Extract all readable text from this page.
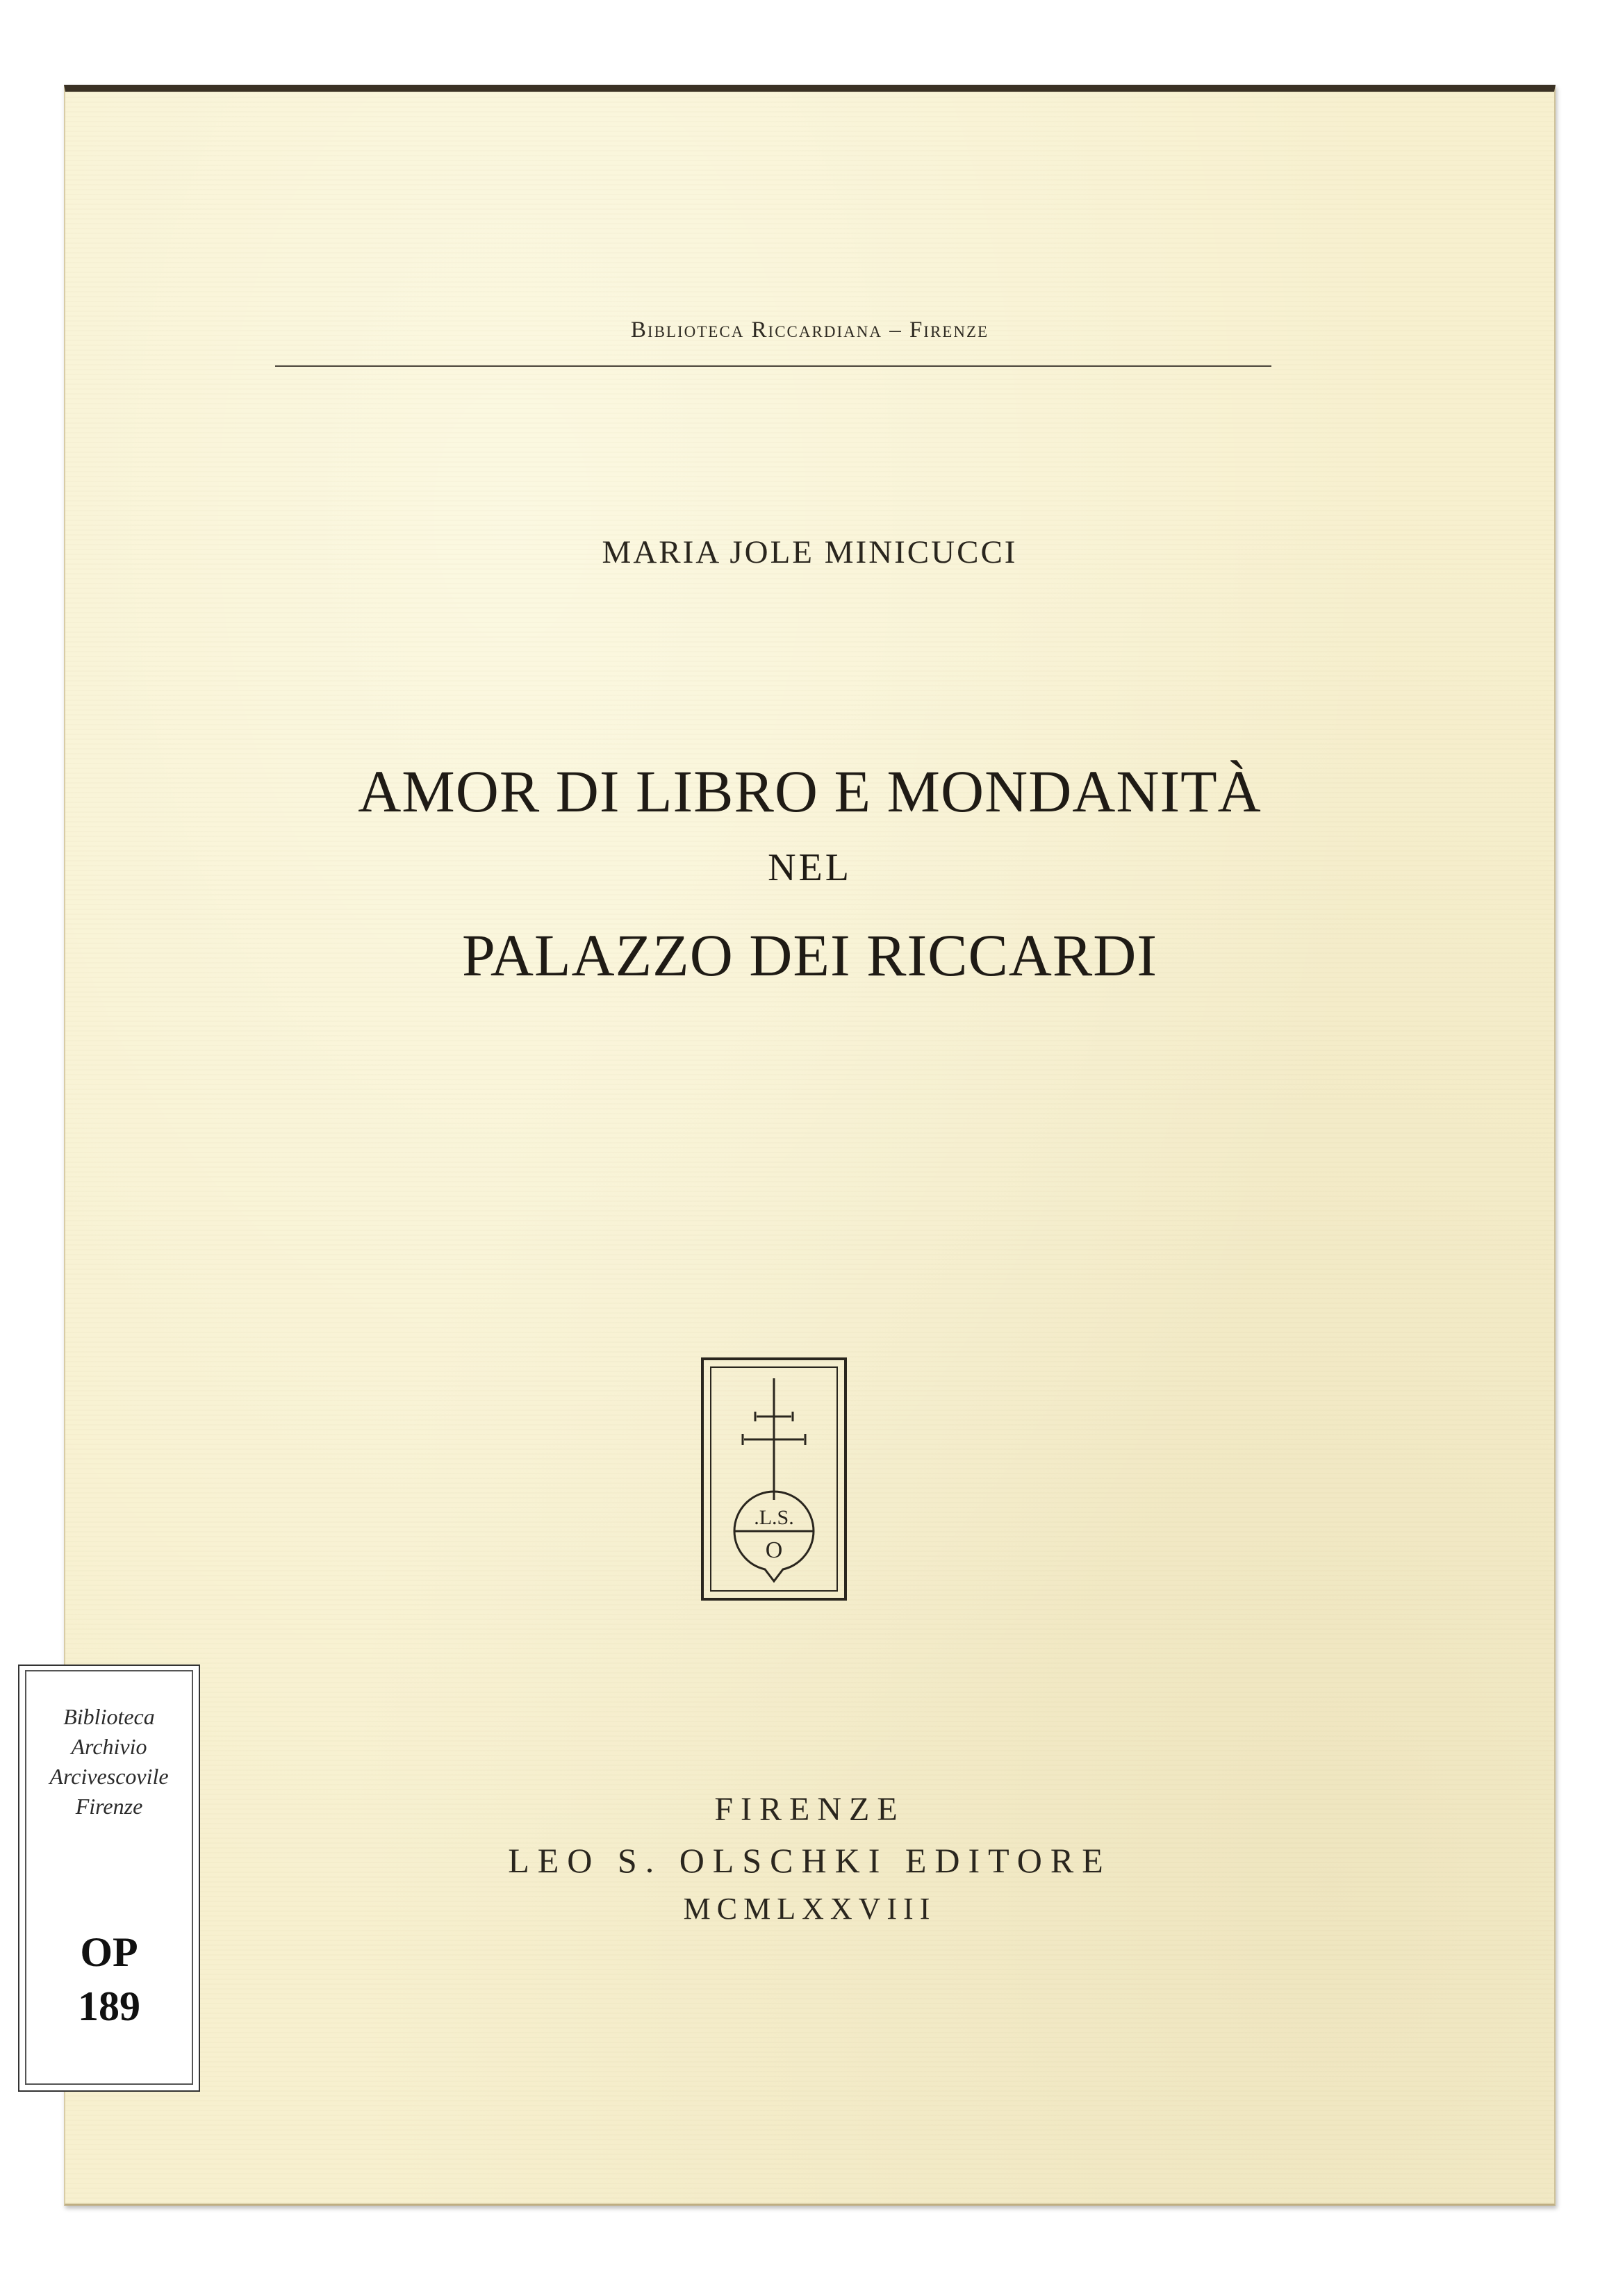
Biblioteca Riccardiana – Firenze
MARIA JOLE MINICUCCI
AMOR DI LIBRO E MONDANITÀ
NEL
PALAZZO DEI RICCARDI
.L.S.
O
FIRENZE
LEO S. OLSCHKI EDITORE
MCMLXXVIII
Biblioteca
Archivio
Arcivescovile
Firenze
OP
189
